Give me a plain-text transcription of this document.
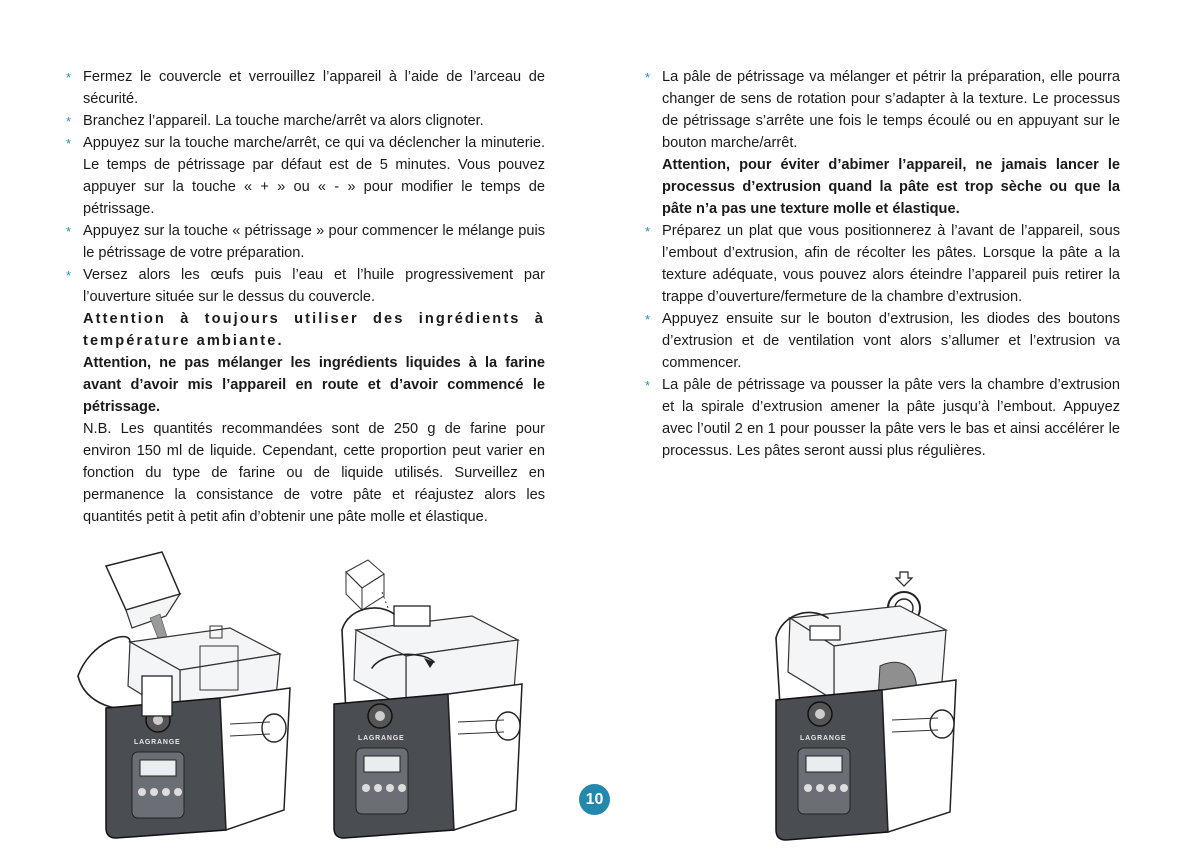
* Fermez le couvercle et verrouillez l’appareil à l’aide de l’arceau de sécurité.
* Branchez l’appareil. La touche marche/arrêt va alors clignoter.
* Appuyez sur la touche marche/arrêt, ce qui va déclencher la minuterie. Le temps de pétrissage par défaut est de 5 minutes. Vous pouvez appuyer sur la touche « + » ou « - » pour modifier le temps de pétrissage.
* Appuyez sur la touche « pétrissage » pour commencer le mélange puis le pétrissage de votre préparation.
* Versez alors les œufs puis l’eau et l’huile progressivement par l’ouverture située sur le dessus du couvercle.
Attention à toujours utiliser des ingrédients à température ambiante.
Attention, ne pas mélanger les ingrédients liquides à la farine avant d’avoir mis l’appareil en route et d’avoir commencé le pétrissage.
N.B. Les quantités recommandées sont de 250 g de farine pour environ 150 ml de liquide. Cependant, cette proportion peut varier en fonction du type de farine ou de liquide utilisés. Surveillez en permanence la consistance de votre pâte et réajustez alors les quantités petit à petit afin d’obtenir une pâte molle et élastique.
* La pâle de pétrissage va mélanger et pétrir la préparation, elle pourra changer de sens de rotation pour s’adapter à la texture. Le processus de pétrissage s’arrête une fois le temps écoulé ou en appuyant sur le bouton marche/arrêt.
Attention, pour éviter d’abimer l’appareil, ne jamais lancer le processus d’extrusion quand la pâte est trop sèche ou que la pâte n’a pas une texture molle et élastique.
* Préparez un plat que vous positionnerez à l’avant de l’appareil, sous l’embout d’extrusion, afin de récolter les pâtes. Lorsque la pâte a la texture adéquate, vous pouvez alors éteindre l’appareil puis retirer la trappe d’ouverture/fermeture de la chambre d’extrusion.
* Appuyez ensuite sur le bouton d’extrusion, les diodes des boutons d’extrusion et de ventilation vont alors s’allumer et l’extrusion va commencer.
* La pâle de pétrissage va pousser la pâte vers la chambre d’extrusion et la spirale d’extrusion amener la pâte jusqu’à l’embout. Appuyez avec l’outil 2 en 1 pour pousser la pâte vers le bas et ainsi accélérer le processus. Les pâtes seront aussi plus régulières.
LAGRANGE
LAGRANGE	LAGRANGE
10
